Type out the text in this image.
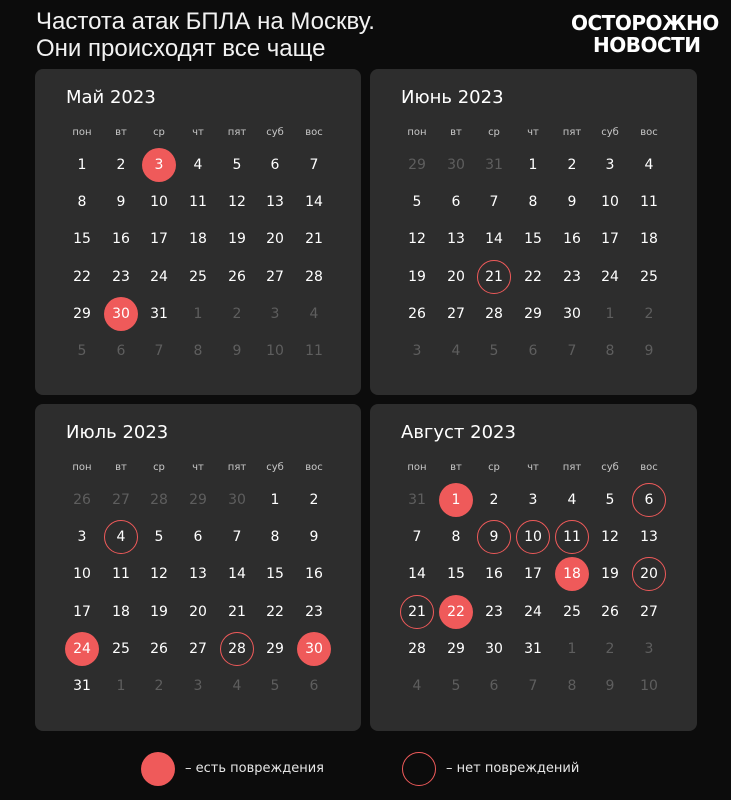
Частота атак БПЛА на Москву.
Они происходят все чаще
ОСТОРОЖНО
НОВОСТИ
Май 2023
пон	вт	ср	чт	пят	суб	вос
1	2	3	4	5	6	7
8	9	10	11	12	13	14
15	16	17	18	19	20	21
22	23	24	25	26	27	28
29	30	31	1	2	3	4
5	6	7	8	9	10	11
Июнь 2023
пон	вт	ср	чт	пят	суб	вос
29	30	31	1	2	3	4
5	6	7	8	9	10	11
12	13	14	15	16	17	18
19	20	21	22	23	24	25
26	27	28	29	30	1	2
3	4	5	6	7	8	9
Июль 2023
пон	вт	ср	чт	пят	суб	вос
26	27	28	29	30	1	2
3	4	5	6	7	8	9
10	11	12	13	14	15	16
17	18	19	20	21	22	23
24	25	26	27	28	29	30
31	1	2	3	4	5	6
Август 2023
пон	вт	ср	чт	пят	суб	вос
31	1	2	3	4	5	6
7	8	9	10	11	12	13
14	15	16	17	18	19	20
21	22	23	24	25	26	27
28	29	30	31	1	2	3
4	5	6	7	8	9	10
– есть повреждения	– нет повреждений
